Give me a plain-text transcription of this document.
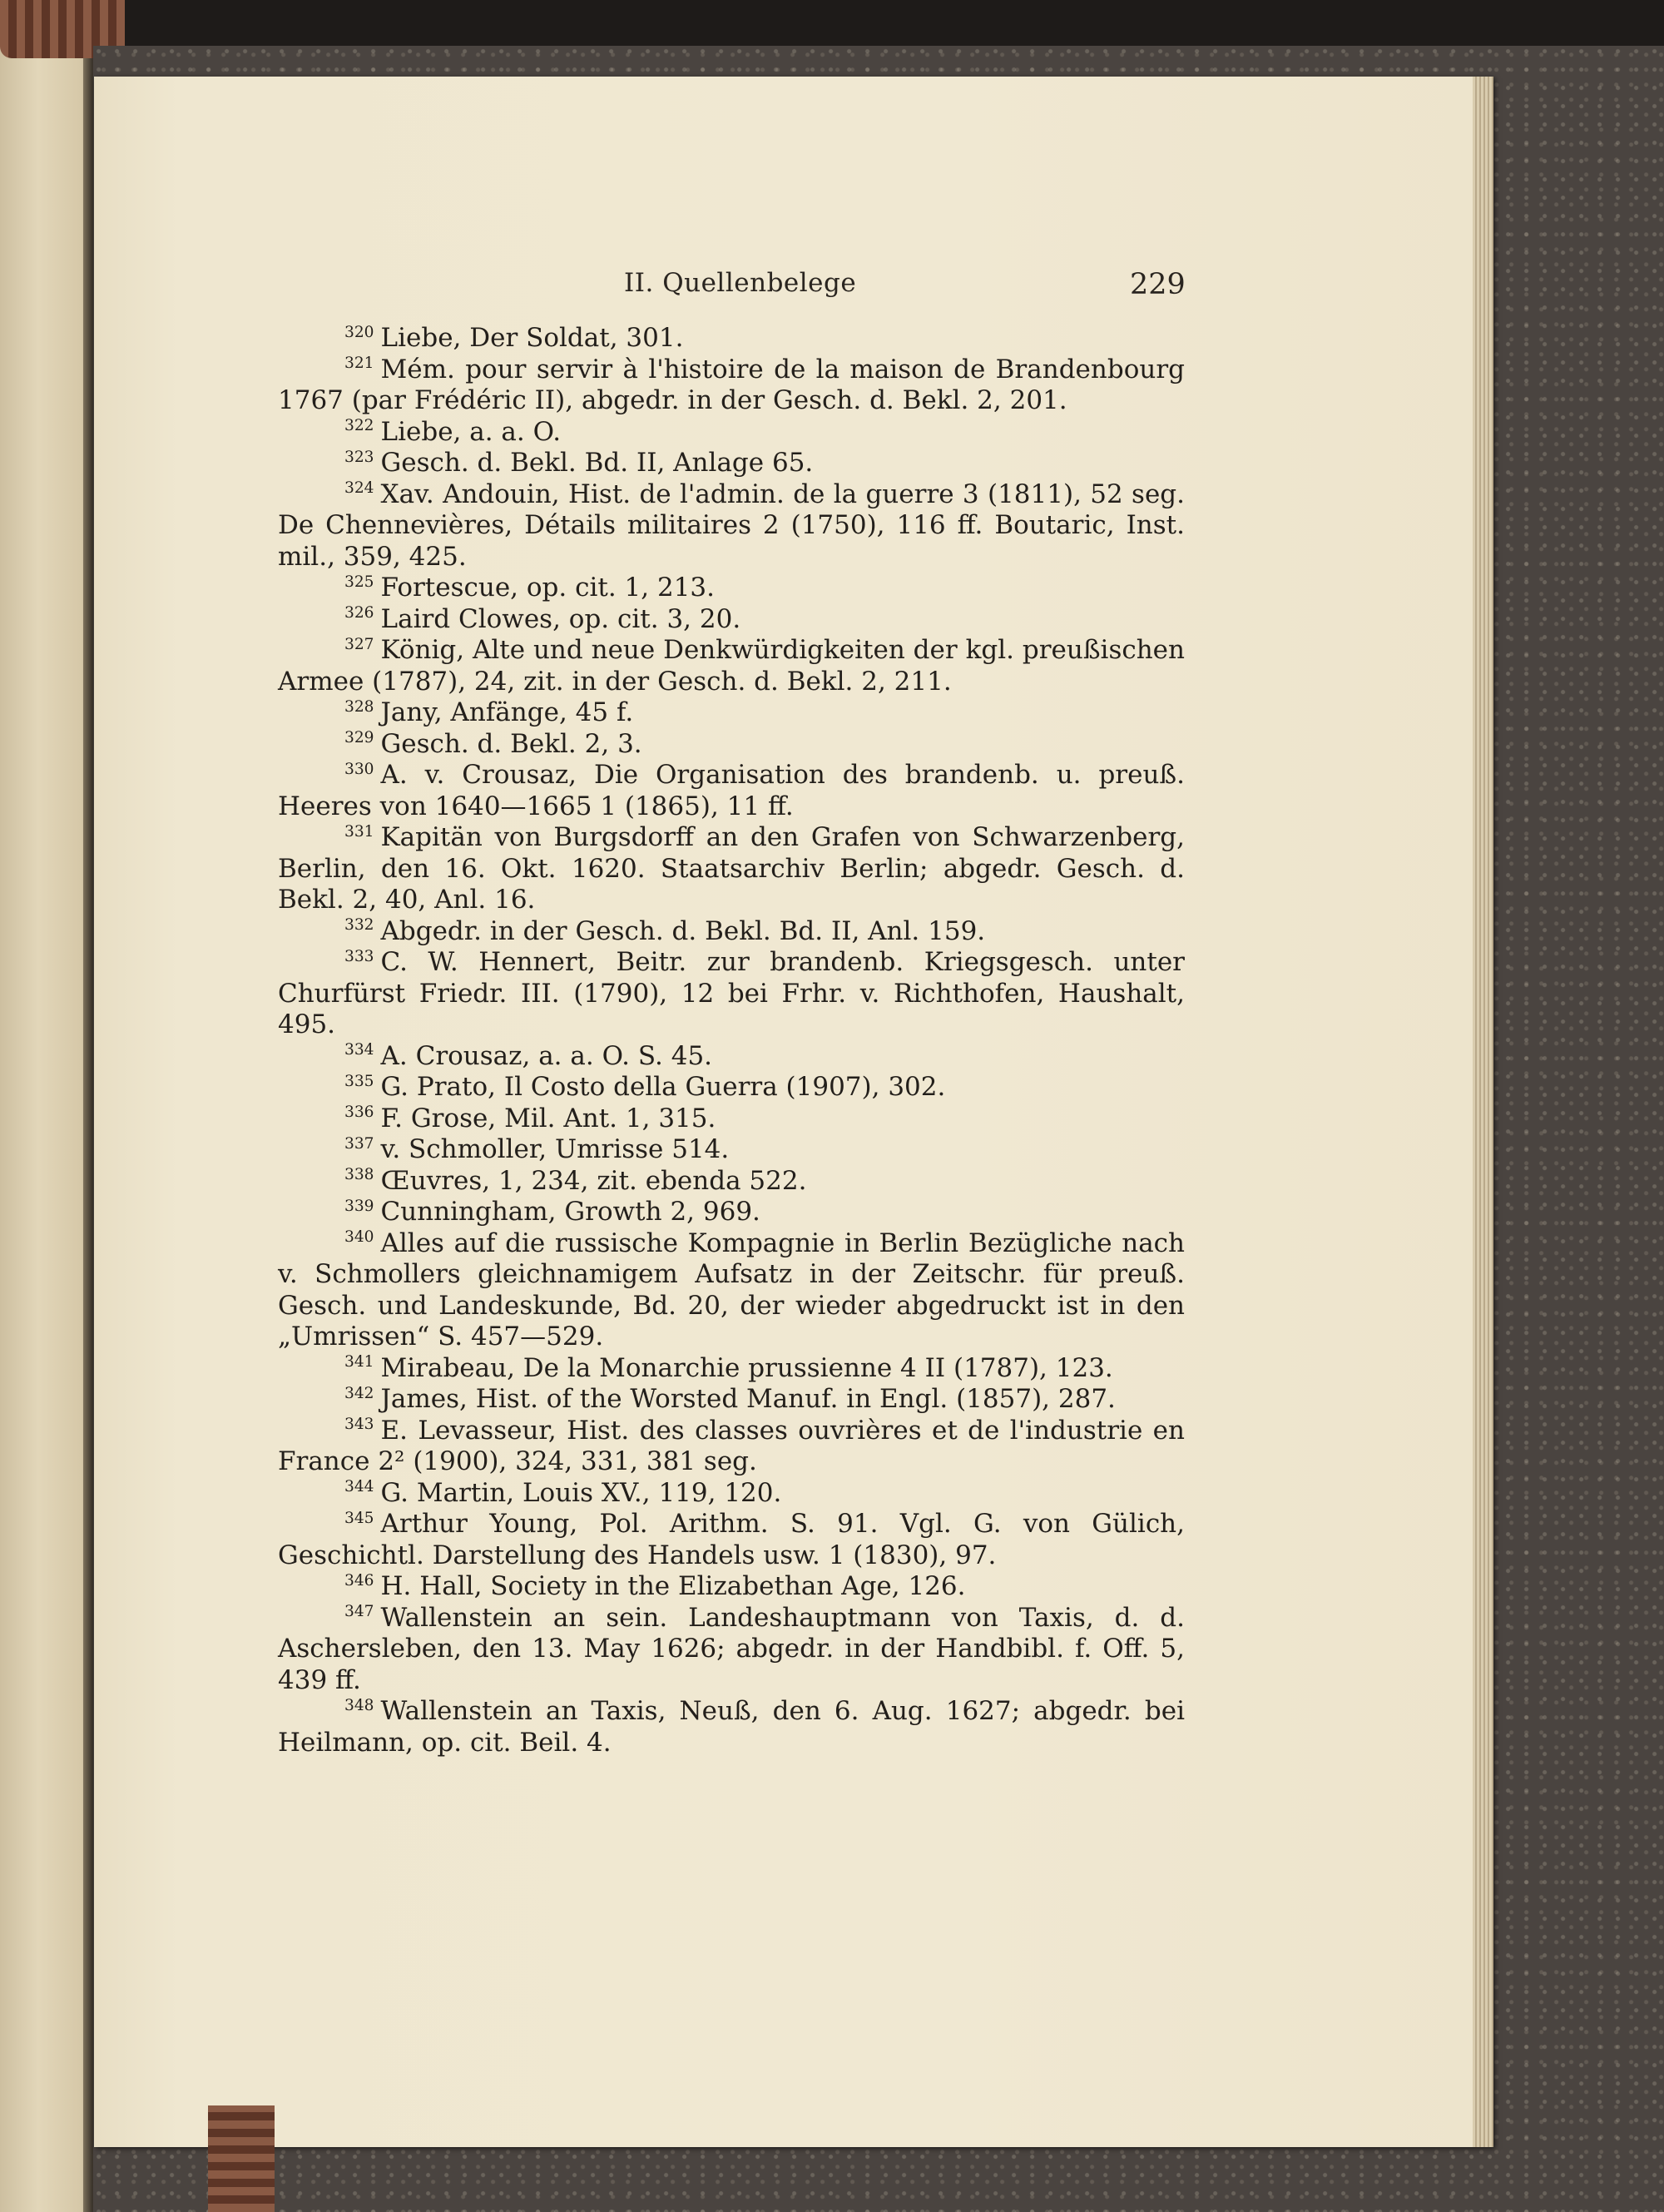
II. Quellenbelege	229

$^{320}$ Liebe, Der Soldat, 301.

$^{321}$ Mém. pour servir à l'histoire de la maison de Brandenbourg 1767 (par Frédéric II), abgedr. in der Gesch. d. Bekl. 2, 201.

$^{322}$ Liebe, a. a. O.

$^{323}$ Gesch. d. Bekl. Bd. II, Anlage 65.

$^{324}$ Xav. Andouin, Hist. de l'admin. de la guerre 3 (1811), 52 seg. De Chennevières, Détails militaires 2 (1750), 116 ff. Boutaric, Inst. mil., 359, 425.

$^{325}$ Fortescue, op. cit. 1, 213.

$^{326}$ Laird Clowes, op. cit. 3, 20.

$^{327}$ König, Alte und neue Denkwürdigkeiten der kgl. preußischen Armee (1787), 24, zit. in der Gesch. d. Bekl. 2, 211.

$^{328}$ Jany, Anfänge, 45 f.

$^{329}$ Gesch. d. Bekl. 2, 3.

$^{330}$ A. v. Crousaz, Die Organisation des brandenb. u. preuß. Heeres von 1640—1665 1 (1865), 11 ff.

$^{331}$ Kapitän von Burgsdorff an den Grafen von Schwarzenberg, Berlin, den 16. Okt. 1620. Staatsarchiv Berlin; abgedr. Gesch. d. Bekl. 2, 40, Anl. 16.

$^{332}$ Abgedr. in der Gesch. d. Bekl. Bd. II, Anl. 159.

$^{333}$ C. W. Hennert, Beitr. zur brandenb. Kriegsgesch. unter Churfürst Friedr. III. (1790), 12 bei Frhr. v. Richthofen, Haushalt, 495.

$^{334}$ A. Crousaz, a. a. O. S. 45.

$^{335}$ G. Prato, Il Costo della Guerra (1907), 302.

$^{336}$ F. Grose, Mil. Ant. 1, 315.

$^{337}$ v. Schmoller, Umrisse 514.

$^{338}$ Œuvres, 1, 234, zit. ebenda 522.

$^{339}$ Cunningham, Growth 2, 969.

$^{340}$ Alles auf die russische Kompagnie in Berlin Bezügliche nach v. Schmollers gleichnamigem Aufsatz in der Zeitschr. für preuß. Gesch. und Landeskunde, Bd. 20, der wieder abgedruckt ist in den „Umrissen“ S. 457—529.

$^{341}$ Mirabeau, De la Monarchie prussienne 4 II (1787), 123.

$^{342}$ James, Hist. of the Worsted Manuf. in Engl. (1857), 287.

$^{343}$ E. Levasseur, Hist. des classes ouvrières et de l'industrie en France 2² (1900), 324, 331, 381 seg.

$^{344}$ G. Martin, Louis XV., 119, 120.

$^{345}$ Arthur Young, Pol. Arithm. S. 91. Vgl. G. von Gülich, Geschichtl. Darstellung des Handels usw. 1 (1830), 97.

$^{346}$ H. Hall, Society in the Elizabethan Age, 126.

$^{347}$ Wallenstein an sein. Landeshauptmann von Taxis, d. d. Aschersleben, den 13. May 1626; abgedr. in der Handbibl. f. Off. 5, 439 ff.

$^{348}$ Wallenstein an Taxis, Neuß, den 6. Aug. 1627; abgedr. bei Heilmann, op. cit. Beil. 4.
